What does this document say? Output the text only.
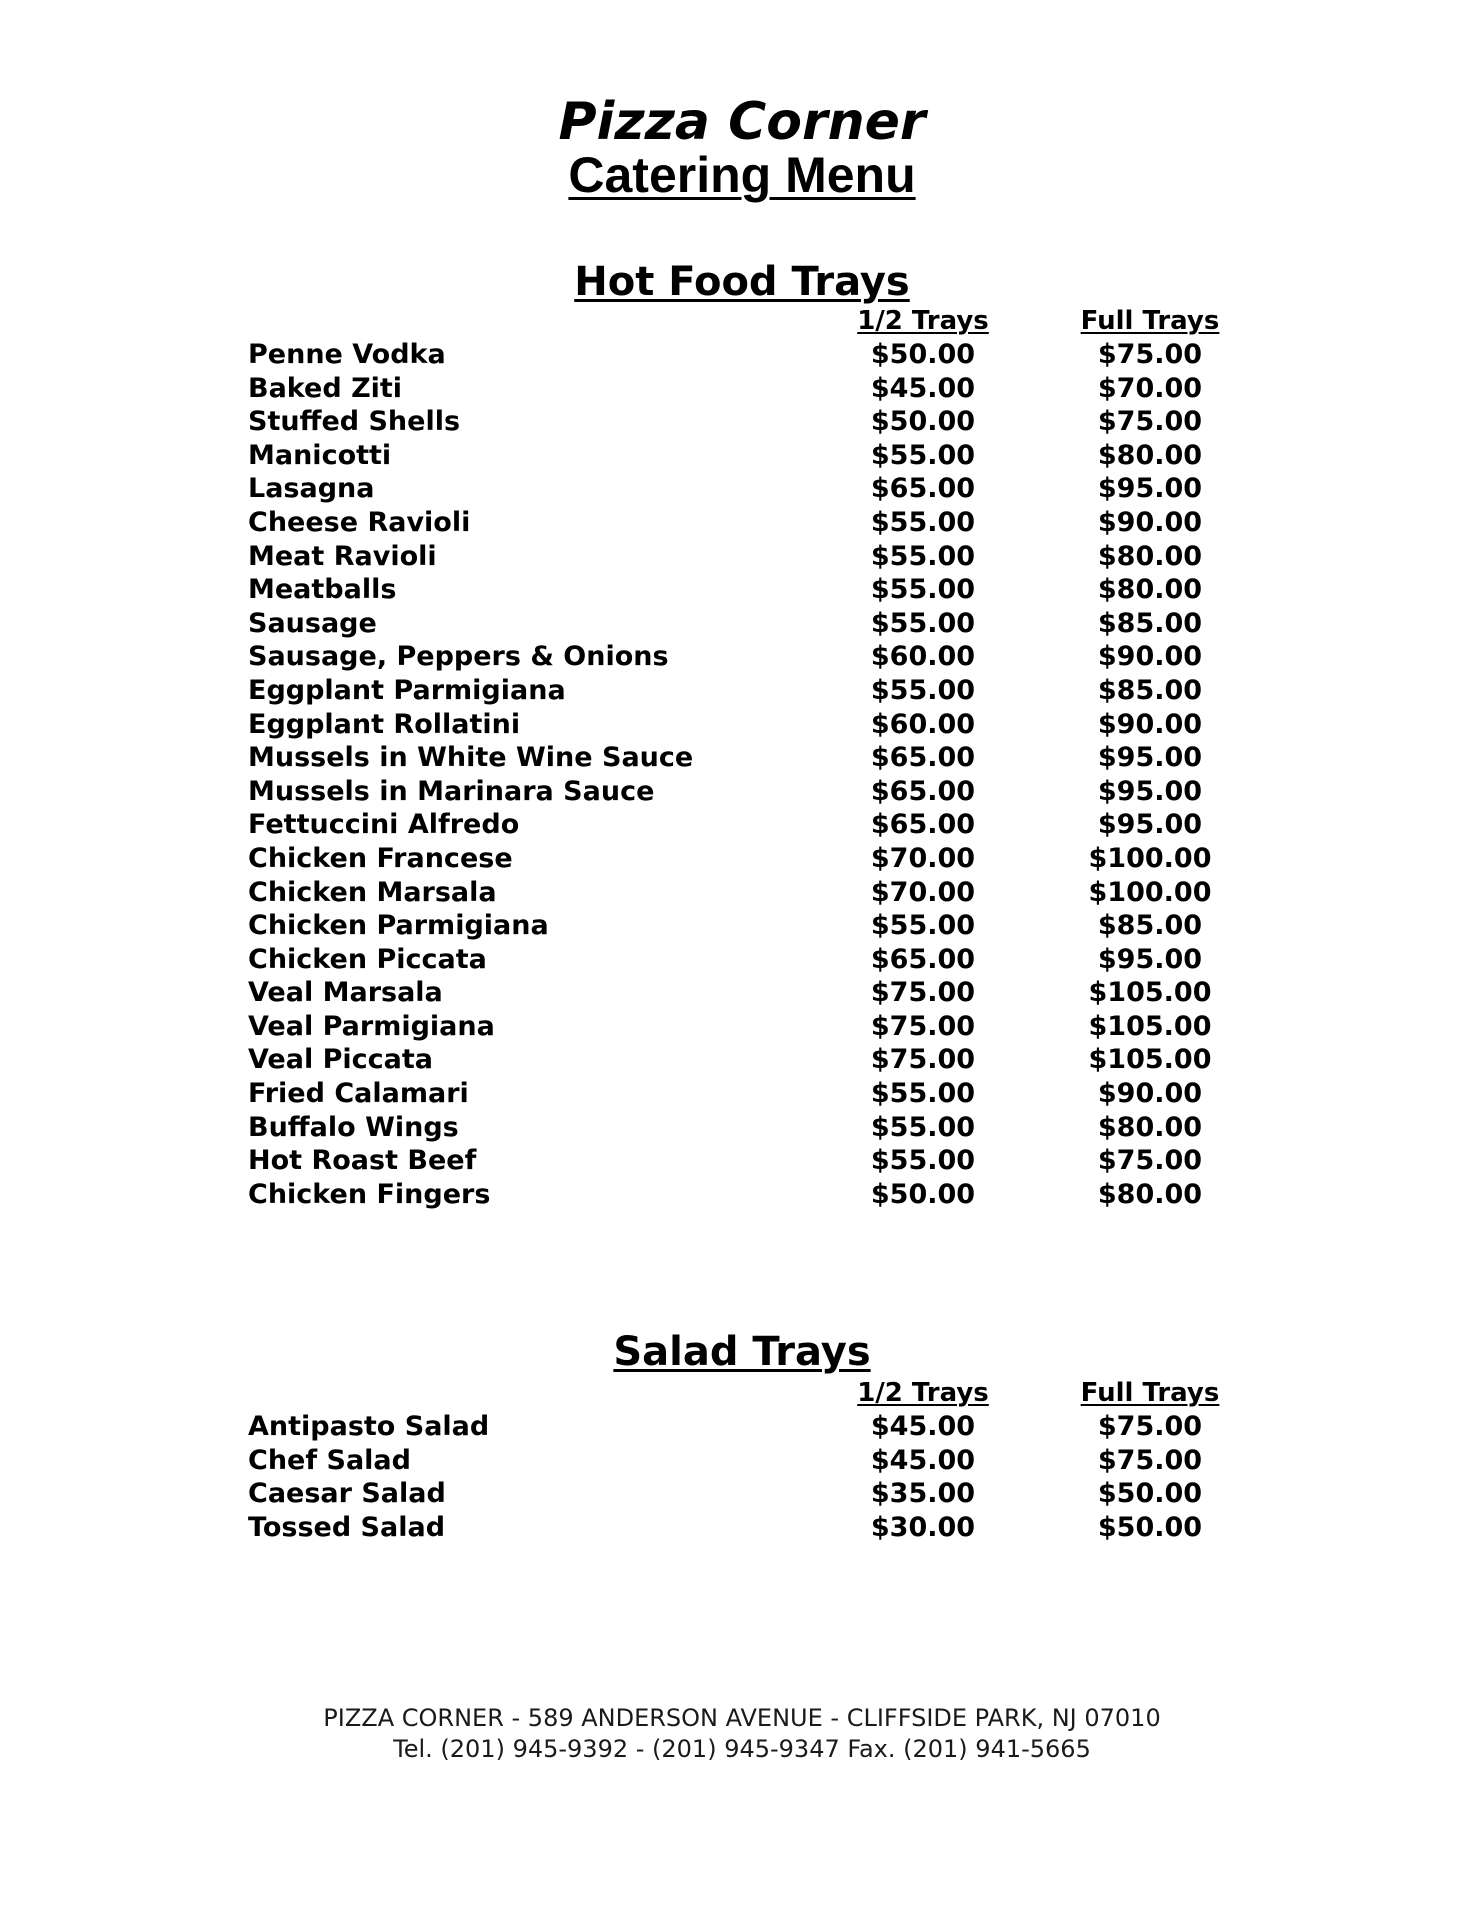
Pizza Corner
Catering Menu
Hot Food Trays
1/2 Trays	Full Trays
Penne Vodka	$50.00	$75.00
Baked Ziti	$45.00	$70.00
Stuffed Shells	$50.00	$75.00
Manicotti	$55.00	$80.00
Lasagna	$65.00	$95.00
Cheese Ravioli	$55.00	$90.00
Meat Ravioli	$55.00	$80.00
Meatballs	$55.00	$80.00
Sausage	$55.00	$85.00
Sausage, Peppers & Onions	$60.00	$90.00
Eggplant Parmigiana	$55.00	$85.00
Eggplant Rollatini	$60.00	$90.00
Mussels in White Wine Sauce	$65.00	$95.00
Mussels in Marinara Sauce	$65.00	$95.00
Fettuccini Alfredo	$65.00	$95.00
Chicken Francese	$70.00	$100.00
Chicken Marsala	$70.00	$100.00
Chicken Parmigiana	$55.00	$85.00
Chicken Piccata	$65.00	$95.00
Veal Marsala	$75.00	$105.00
Veal Parmigiana	$75.00	$105.00
Veal Piccata	$75.00	$105.00
Fried Calamari	$55.00	$90.00
Buffalo Wings	$55.00	$80.00
Hot Roast Beef	$55.00	$75.00
Chicken Fingers	$50.00	$80.00
Salad Trays
1/2 Trays	Full Trays
Antipasto Salad	$45.00	$75.00
Chef Salad	$45.00	$75.00
Caesar Salad	$35.00	$50.00
Tossed Salad	$30.00	$50.00
PIZZA CORNER - 589 ANDERSON AVENUE - CLIFFSIDE PARK, NJ 07010
Tel. (201) 945-9392 - (201) 945-9347 Fax. (201) 941-5665
